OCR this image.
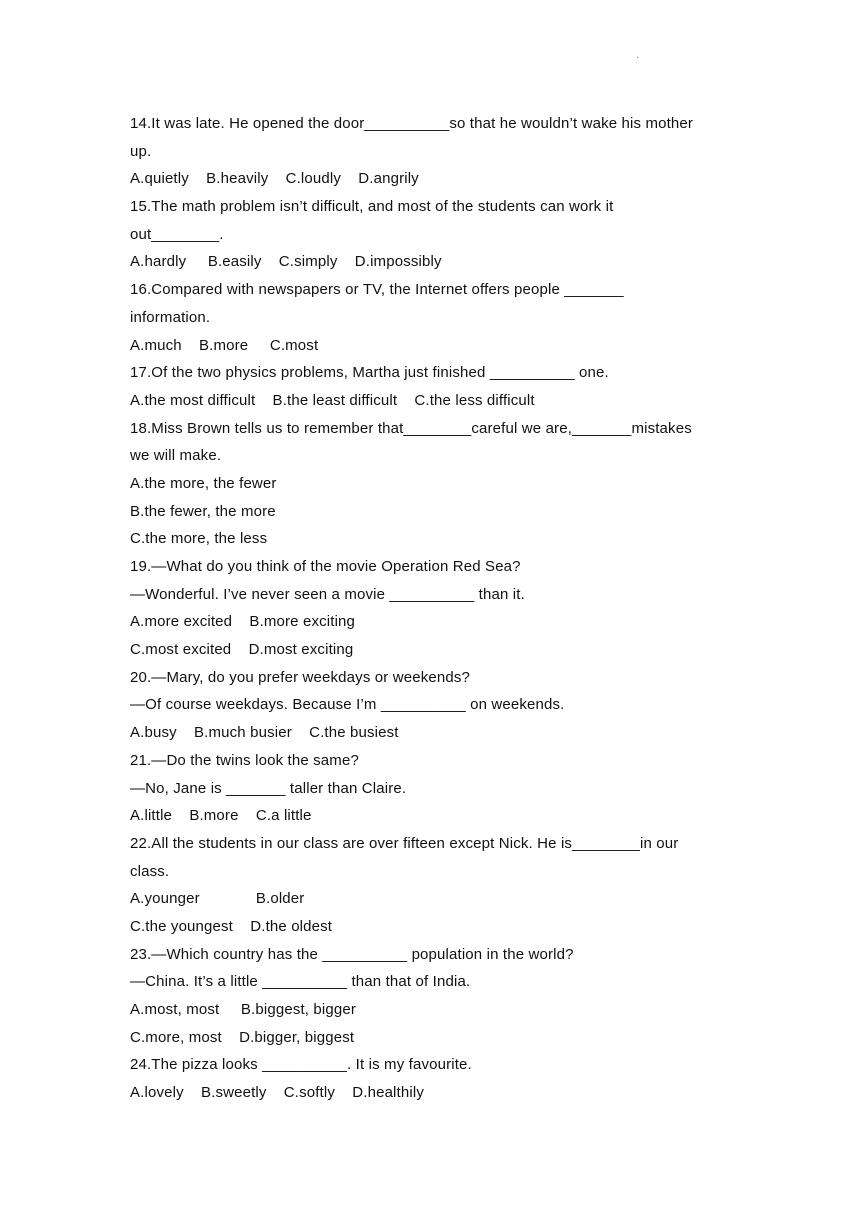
·
14.It was late. He opened the door__________so that he wouldn’t wake his mother
up.
A.quietly    B.heavily    C.loudly    D.angrily
15.The math problem isn’t difficult, and most of the students can work it
out________.
A.hardly     B.easily    C.simply    D.impossibly
16.Compared with newspapers or TV, the Internet offers people _______
information.
A.much    B.more     C.most
17.Of the two physics problems, Martha just finished __________ one.
A.the most difficult    B.the least difficult    C.the less difficult
18.Miss Brown tells us to remember that________careful we are,_______mistakes
we will make.
A.the more, the fewer
B.the fewer, the more
C.the more, the less
19.—What do you think of the movie Operation Red Sea?
—Wonderful. I’ve never seen a movie __________ than it.
A.more excited    B.more exciting
C.most excited    D.most exciting
20.—Mary, do you prefer weekdays or weekends?
—Of course weekdays. Because I’m __________ on weekends.
A.busy    B.much busier    C.the busiest
21.—Do the twins look the same?
—No, Jane is _______ taller than Claire.
A.little    B.more    C.a little
22.All the students in our class are over fifteen except Nick. He is________in our
class.
A.younger             B.older
C.the youngest    D.the oldest
23.—Which country has the __________ population in the world?
—China. It’s a little __________ than that of India.
A.most, most     B.biggest, bigger
C.more, most    D.bigger, biggest
24.The pizza looks __________. It is my favourite.
A.lovely    B.sweetly    C.softly    D.healthily
